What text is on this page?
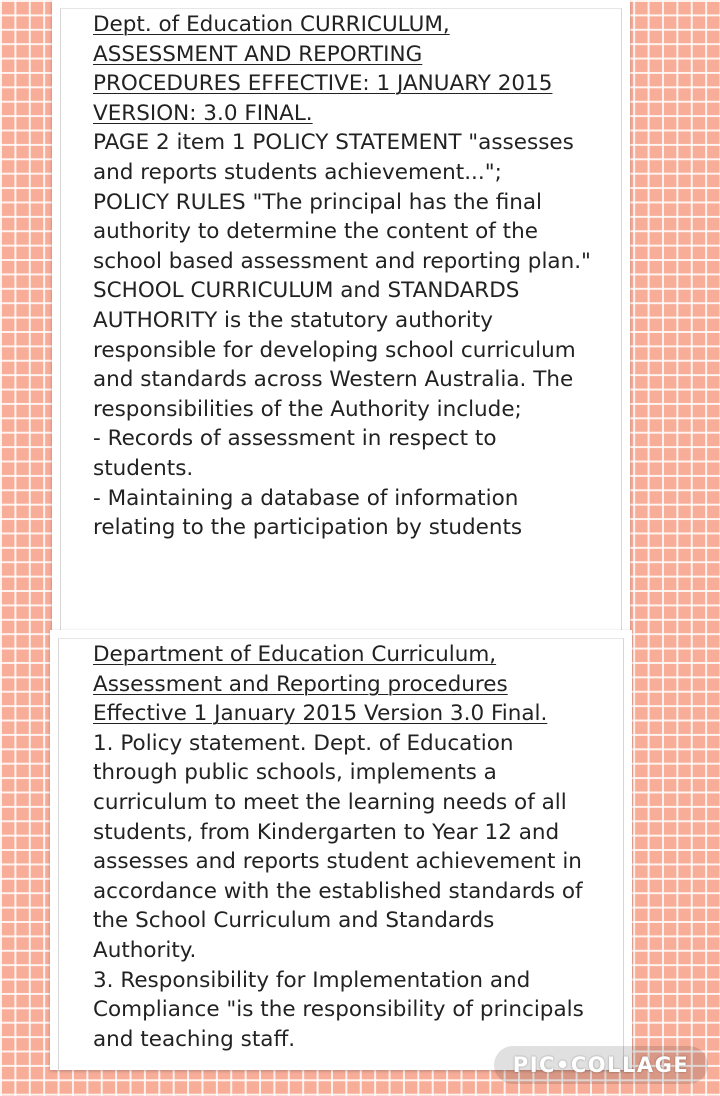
Dept. of Education CURRICULUM,
ASSESSMENT AND REPORTING
PROCEDURES EFFECTIVE: 1 JANUARY 2015
VERSION: 3.0 FINAL.

PAGE 2 item 1 POLICY STATEMENT "assesses and reports students achievement...";

POLICY RULES "The principal has the final authority to determine the content of the school based assessment and reporting plan."

SCHOOL CURRICULUM and STANDARDS AUTHORITY is the statutory authority responsible for developing school curriculum and standards across Western Australia. The responsibilities of the Authority include;

- Records of assessment in respect to students.

- Maintaining a database of information relating to the participation by students

Department of Education Curriculum,
Assessment and Reporting procedures
Effective 1 January 2015 Version 3.0 Final.

1. Policy statement. Dept. of Education through public schools, implements a curriculum to meet the learning needs of all students, from Kindergarten to Year 12 and assesses and reports student achievement in accordance with the established standards of the School Curriculum and Standards Authority.

3. Responsibility for Implementation and Compliance "is the responsibility of principals and teaching staff.

PIC•COLLAGE
